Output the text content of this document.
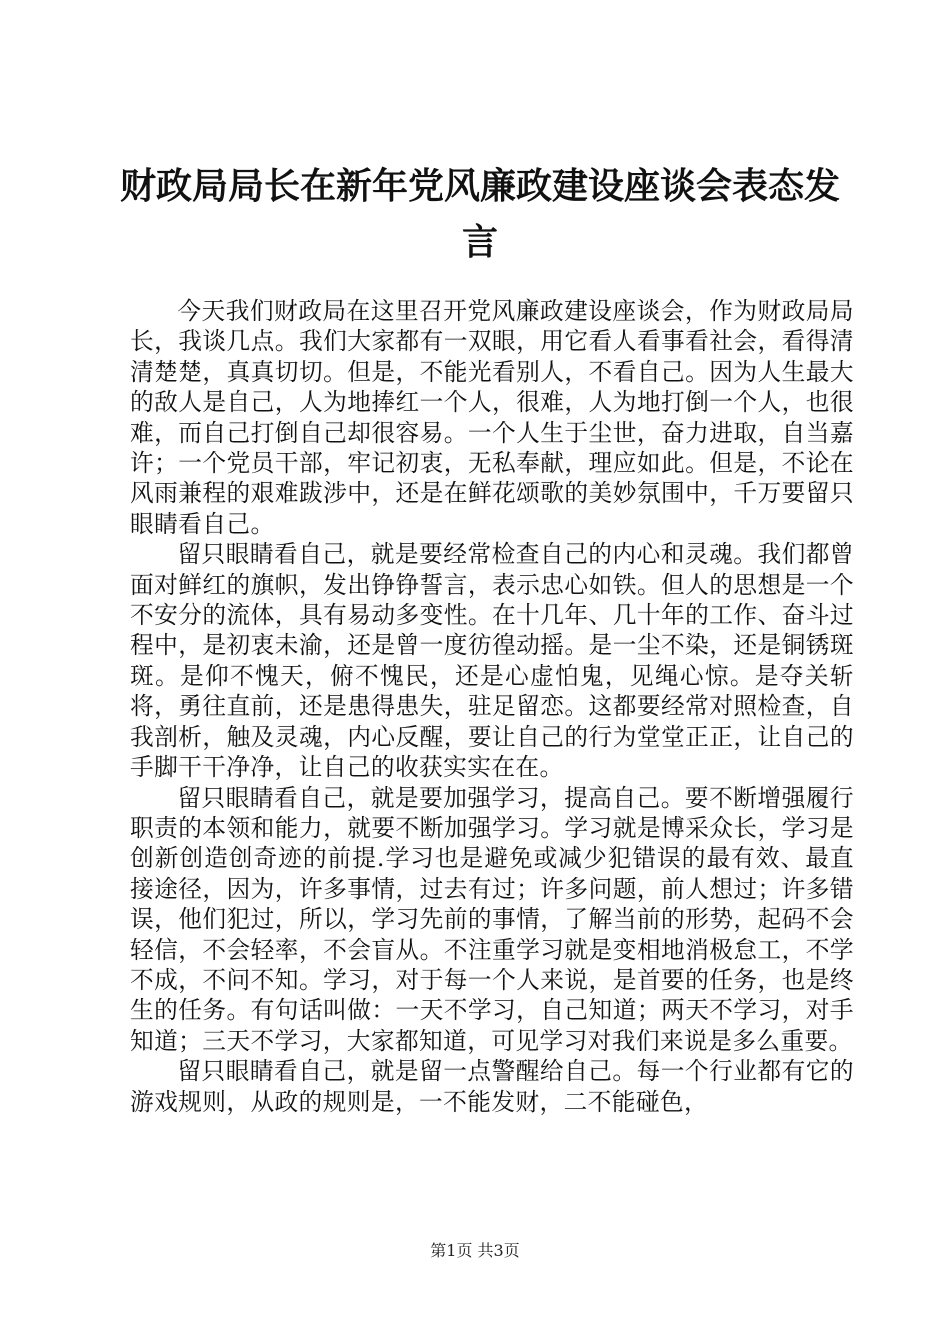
财政局局长在新年党风廉政建设座谈会表态发言

今天我们财政局在这里召开党风廉政建设座谈会，作为财政局局长，我谈几点。我们大家都有一双眼，用它看人看事看社会，看得清清楚楚，真真切切。但是，不能光看别人，不看自己。因为人生最大的敌人是自己，人为地捧红一个人，很难，人为地打倒一个人，也很难，而自己打倒自己却很容易。一个人生于尘世，奋力进取，自当嘉许；一个党员干部，牢记初衷，无私奉献，理应如此。但是，不论在风雨兼程的艰难跋涉中，还是在鲜花颂歌的美妙氛围中，千万要留只眼睛看自己。

留只眼睛看自己，就是要经常检查自己的内心和灵魂。我们都曾面对鲜红的旗帜，发出铮铮誓言，表示忠心如铁。但人的思想是一个不安分的流体，具有易动多变性。在十几年、几十年的工作、奋斗过程中，是初衷未渝，还是曾一度彷徨动摇。是一尘不染，还是铜锈斑斑。是仰不愧天，俯不愧民，还是心虚怕鬼，见绳心惊。是夺关斩将，勇往直前，还是患得患失，驻足留恋。这都要经常对照检查，自我剖析，触及灵魂，内心反醒，要让自己的行为堂堂正正，让自己的手脚干干净净，让自己的收获实实在在。

留只眼睛看自己，就是要加强学习，提高自己。要不断增强履行职责的本领和能力，就要不断加强学习。学习就是博采众长，学习是创新创造创奇迹的前提.学习也是避免或减少犯错误的最有效、最直接途径，因为，许多事情，过去有过；许多问题，前人想过；许多错误，他们犯过，所以，学习先前的事情，了解当前的形势，起码不会轻信，不会轻率，不会盲从。不注重学习就是变相地消极怠工，不学不成，不问不知。学习，对于每一个人来说，是首要的任务，也是终生的任务。有句话叫做：一天不学习，自己知道；两天不学习，对手知道；三天不学习，大家都知道，可见学习对我们来说是多么重要。

留只眼睛看自己，就是留一点警醒给自己。每一个行业都有它的游戏规则，从政的规则是，一不能发财，二不能碰色，

第1页 共3页
